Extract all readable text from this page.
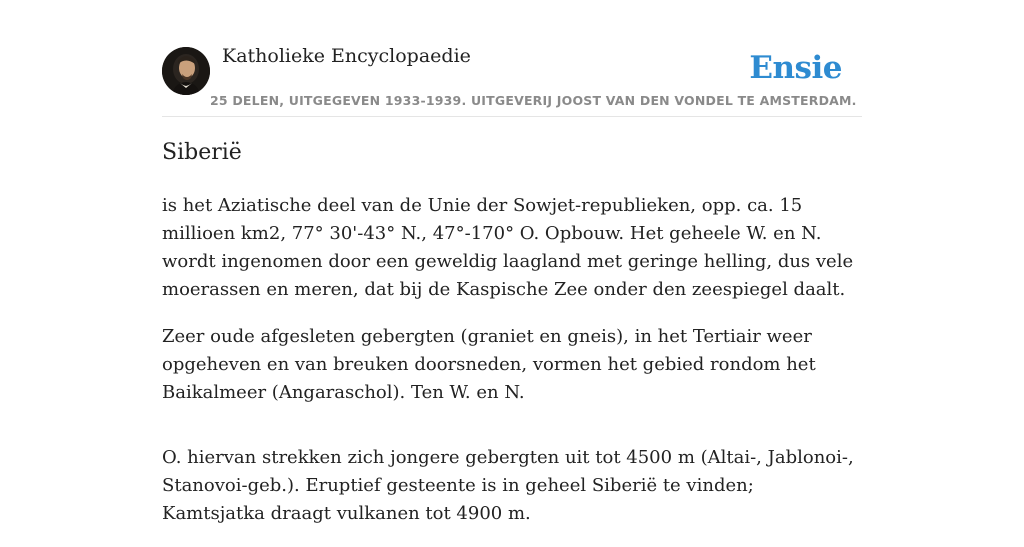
Katholieke Encyclopaedie	Ensie
25 DELEN, UITGEGEVEN 1933-1939. UITGEVERIJ JOOST VAN DEN VONDEL TE AMSTERDAM.
Siberië

is het Aziatische deel van de Unie der Sowjet-republieken, opp. ca. 15 millioen km2, 77° 30'-43° N., 47°-170° O. Opbouw. Het geheele W. en N. wordt ingenomen door een geweldig laagland met geringe helling, dus vele moerassen en meren, dat bij de Kaspische Zee onder den zeespiegel daalt.

Zeer oude afgesleten gebergten (graniet en gneis), in het Tertiair weer opgeheven en van breuken doorsneden, vormen het gebied rondom het Baikalmeer (Angaraschol). Ten W. en N.

O. hiervan strekken zich jongere gebergten uit tot 4500 m (Altai-, Jablonoi-, Stanovoi-geb.). Eruptief gesteente is in geheel Siberië te vinden; Kamtsjatka draagt vulkanen tot 4900 m.
